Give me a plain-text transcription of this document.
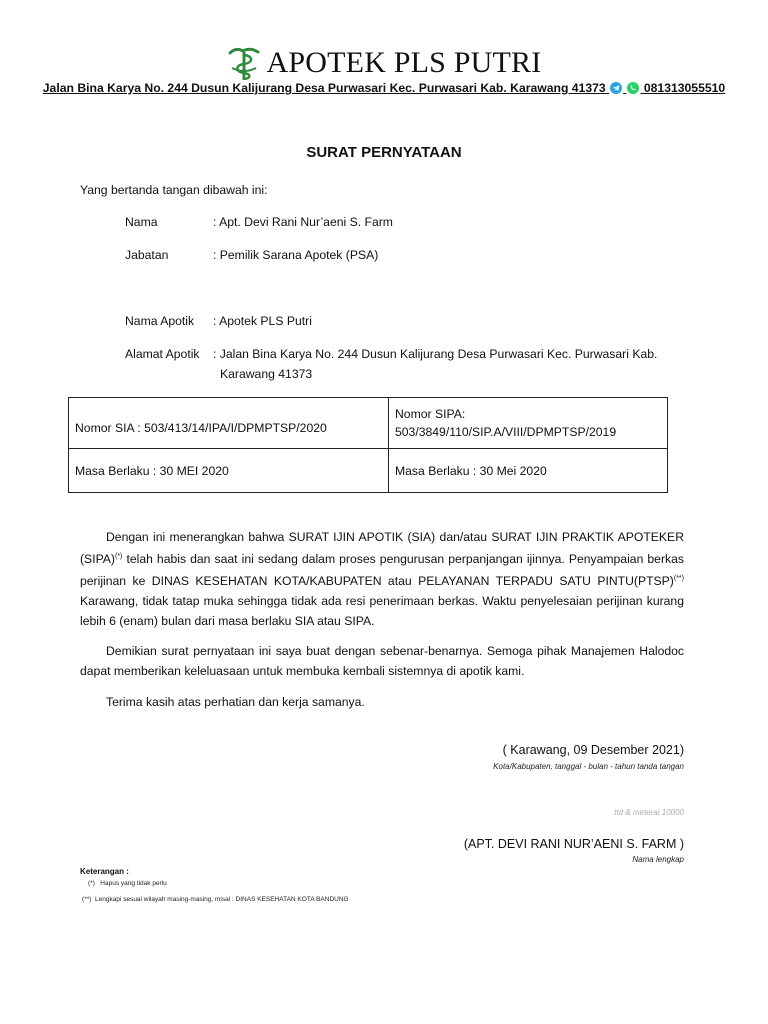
APOTEK PLS PUTRI
Jalan Bina Karya No. 244 Dusun Kalijurang Desa Purwasari Kec. Purwasari Kab. Karawang 41373	081313055510
SURAT PERNYATAAN
Yang bertanda tangan dibawah ini:
Nama	: Apt. Devi Rani Nur’aeni S. Farm
Jabatan	: Pemilik Sarana Apotek (PSA)
Nama Apotik : Apotek PLS Putri
Alamat Apotik : Jalan Bina Karya No. 244 Dusun Kalijurang Desa Purwasari Kec. Purwasari Kab.
Karawang 41373
Nomor SIA : 503/413/14/IPA/I/DPMPTSP/2020	Nomor SIPA:
503/3849/110/SIP.A/VIII/DPMPTSP/2019

Masa Berlaku : 30 MEI 2020	Masa Berlaku : 30 Mei 2020
Dengan ini menerangkan bahwa SURAT IJIN APOTIK (SIA) dan/atau SURAT IJIN PRAKTIK APOTEKER (SIPA)(*) telah habis dan saat ini sedang dalam proses pengurusan perpanjangan ijinnya. Penyampaian berkas perijinan ke DINAS KESEHATAN KOTA/KABUPATEN atau PELAYANAN TERPADU SATU PINTU(PTSP)(**) Karawang, tidak tatap muka sehingga tidak ada resi penerimaan berkas. Waktu penyelesaian perijinan kurang lebih 6 (enam) bulan dari masa berlaku SIA atau SIPA.
Demikian surat pernyataan ini saya buat dengan sebenar-benarnya. Semoga pihak Manajemen Halodoc dapat memberikan keleluasaan untuk membuka kembali sistemnya di apotik kami.
Terima kasih atas perhatian dan kerja samanya.
( Karawang, 09 Desember 2021)
Kota/Kabupaten, tanggal - bulan - tahun tanda tangan
ttd & meterai 10000
(APT. DEVI RANI NUR’AENI S. FARM )
Nama lengkap
Keterangan :
(*) Hapus yang tidak perlu
(**) Lengkapi sesuai wilayah masing-masing, misal : DINAS KESEHATAN KOTA BANDUNG
